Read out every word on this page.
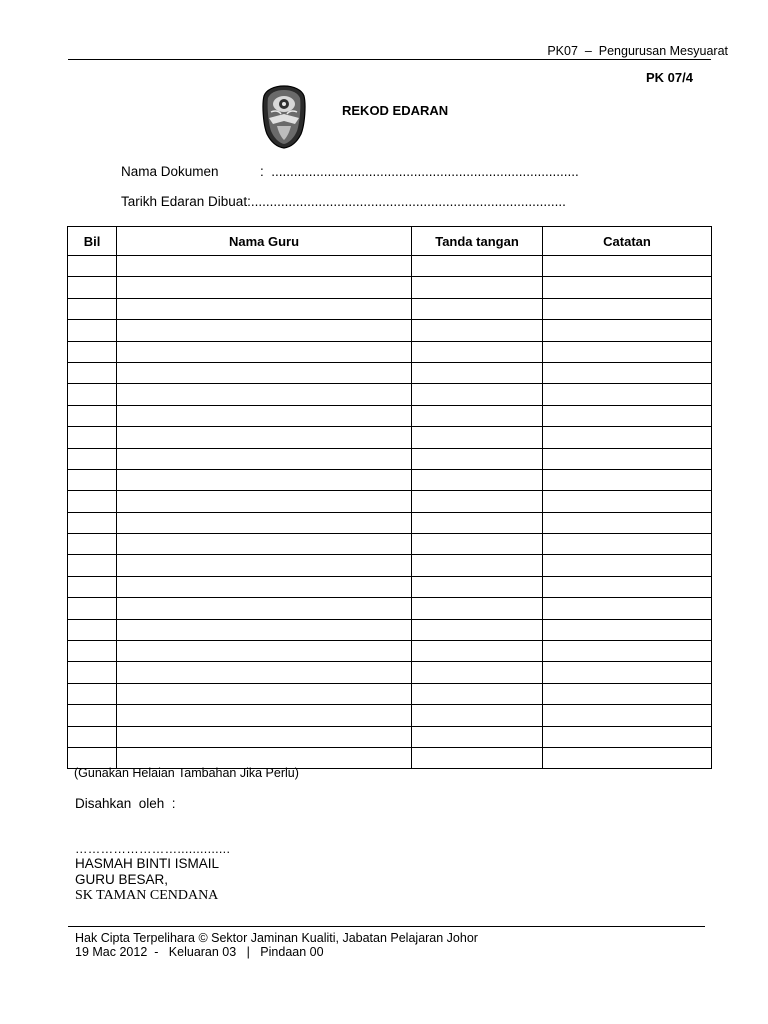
PK07  –  Pengurusan Mesyuarat
PK 07/4
REKOD EDARAN
Nama Dokumen	:  ..................................................................................
Tarikh Edaran Dibuat:....................................................................................
Bil	Nama Guru	Tanda tangan	Catatan

(Gunakan Helaian Tambahan Jika Perlu)
Disahkan  oleh  :
……………………..............
HASMAH BINTI ISMAIL
GURU BESAR,
SK TAMAN CENDANA
Hak Cipta Terpelihara © Sektor Jaminan Kualiti, Jabatan Pelajaran Johor
19 Mac 2012  -   Keluaran 03   |   Pindaan 00
